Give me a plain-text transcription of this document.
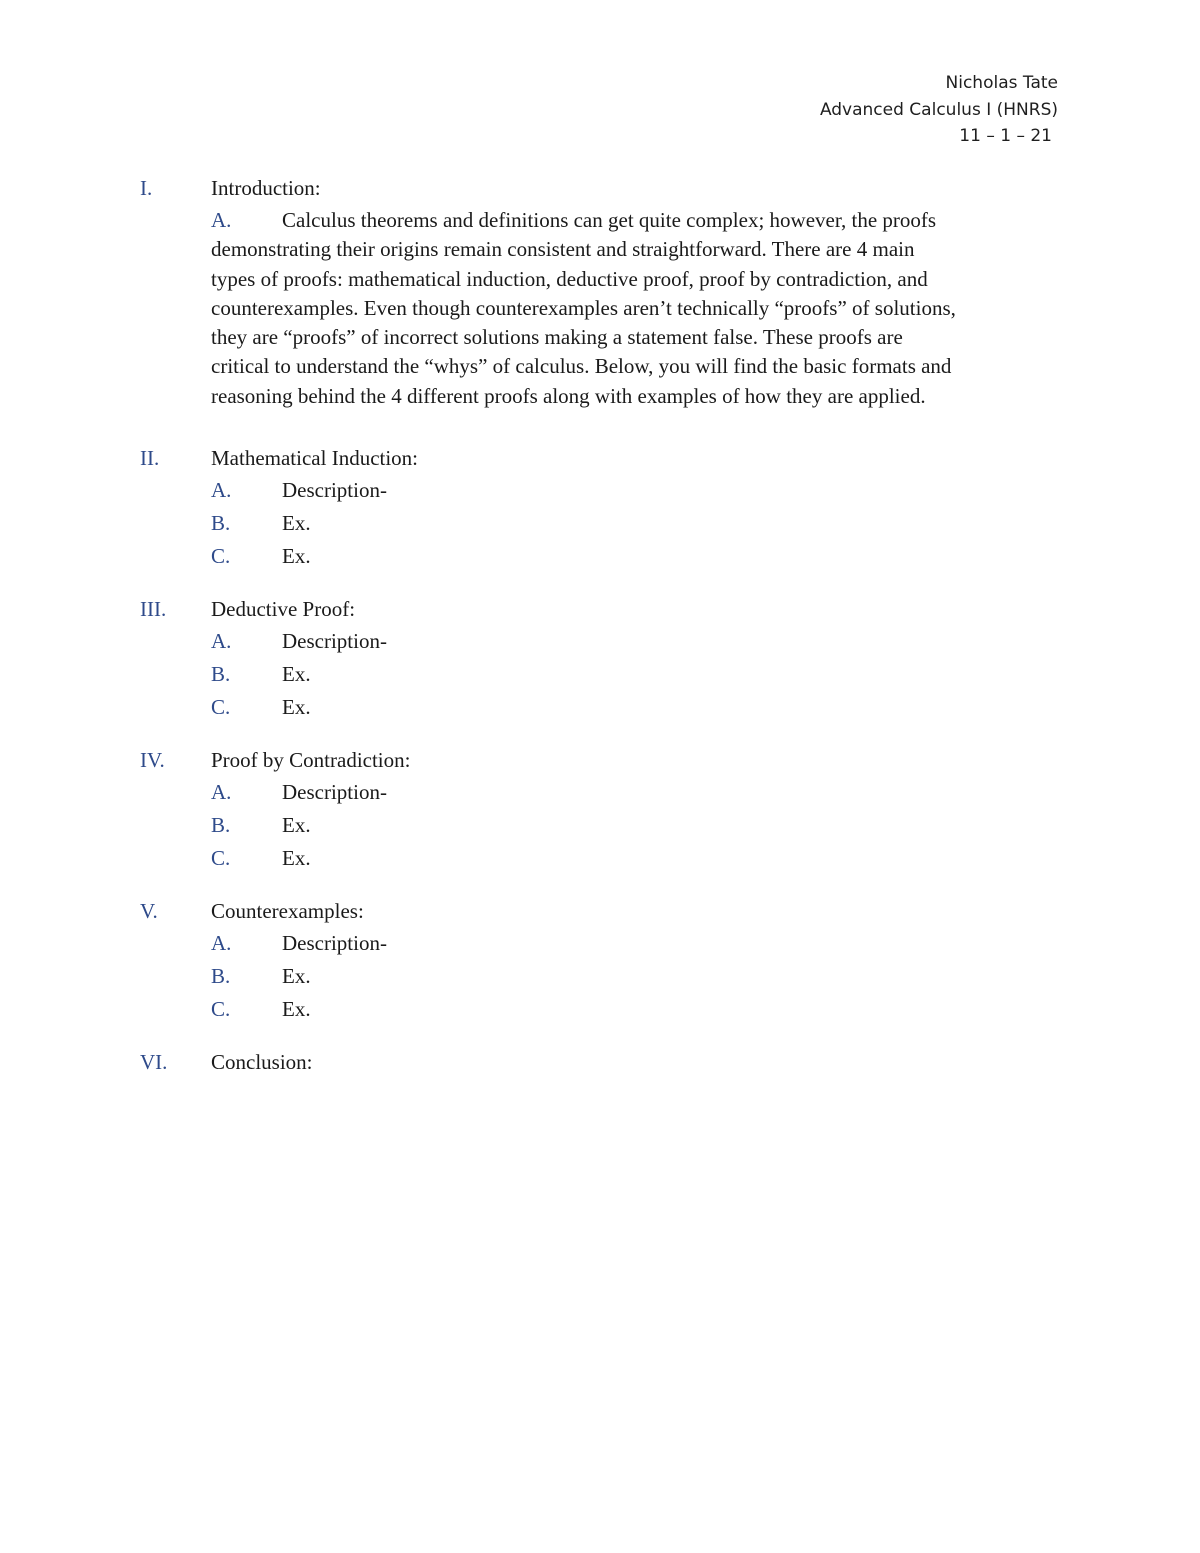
Nicholas Tate
Advanced Calculus I (HNRS)
11 – 1 – 21
I.	Introduction:
A. Calculus theorems and definitions can get quite complex; however, the proofs
demonstrating their origins remain consistent and straightforward. There are 4 main
types of proofs: mathematical induction, deductive proof, proof by contradiction, and
counterexamples. Even though counterexamples aren’t technically “proofs” of solutions,
they are “proofs” of incorrect solutions making a statement false. These proofs are
critical to understand the “whys” of calculus. Below, you will find the basic formats and
reasoning behind the 4 different proofs along with examples of how they are applied.
II. Mathematical Induction:
A. Description-
B. Ex.
C. Ex.
III. Deductive Proof:
A. Description-
B. Ex.
C. Ex.
IV. Proof by Contradiction:
A. Description-
B. Ex.
C. Ex.
V.	Counterexamples:
A. Description-
B. Ex.
C. Ex.
VI. Conclusion:
